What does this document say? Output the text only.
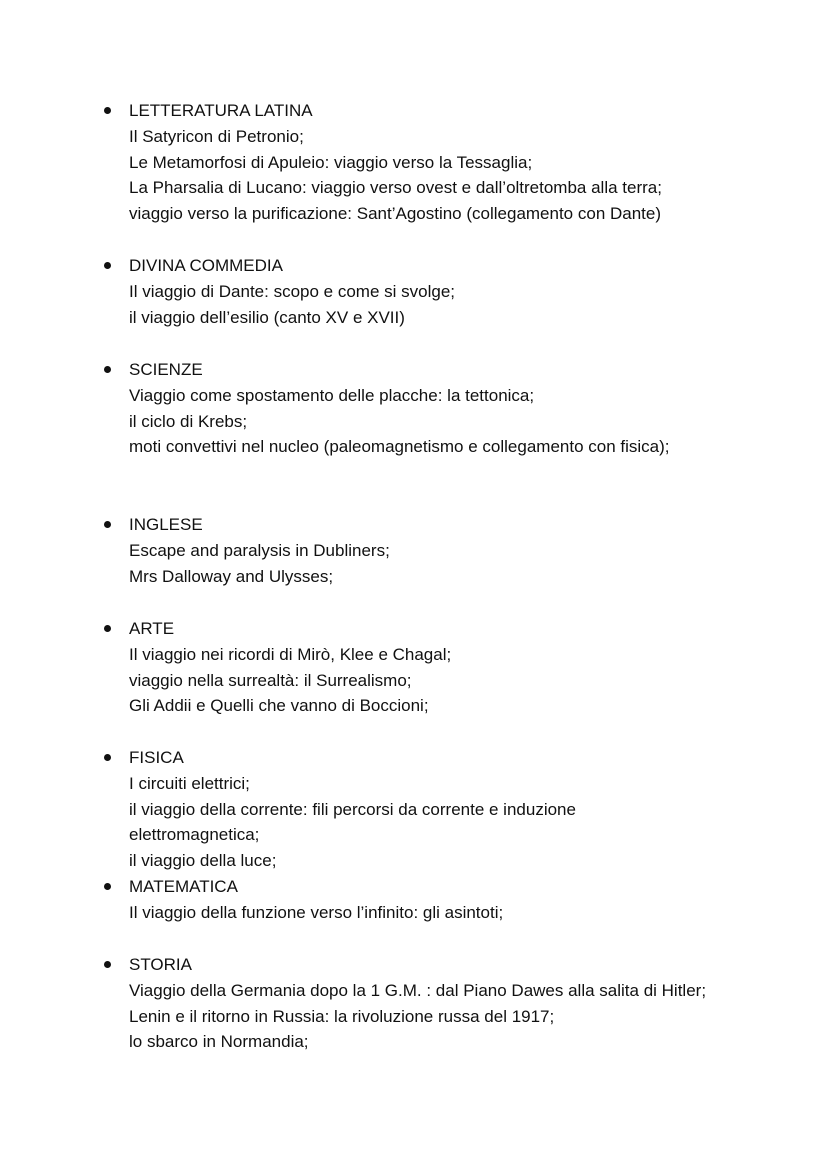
LETTERATURA LATINA
Il Satyricon di Petronio;
Le Metamorfosi di Apuleio: viaggio verso la Tessaglia;
La Pharsalia di Lucano: viaggio verso ovest e dall’oltretomba alla terra;
viaggio verso la purificazione: Sant’Agostino (collegamento con Dante)
DIVINA COMMEDIA
Il viaggio di Dante: scopo e come si svolge;
il viaggio dell’esilio (canto XV e XVII)
SCIENZE
Viaggio come spostamento delle placche: la tettonica;
il ciclo di Krebs;
moti convettivi nel nucleo (paleomagnetismo e collegamento con fisica);
INGLESE
Escape and paralysis in Dubliners;
Mrs Dalloway and Ulysses;
ARTE
Il viaggio nei ricordi di Mirò, Klee e Chagal;
viaggio nella surrealtà: il Surrealismo;
Gli Addii e Quelli che vanno di Boccioni;
FISICA
I circuiti elettrici;
il viaggio della corrente: fili percorsi da corrente e induzione
elettromagnetica;
il viaggio della luce;
MATEMATICA
Il viaggio della funzione verso l’infinito: gli asintoti;
STORIA
Viaggio della Germania dopo la 1 G.M. : dal Piano Dawes alla salita di Hitler;
Lenin e il ritorno in Russia: la rivoluzione russa del 1917;
lo sbarco in Normandia;
